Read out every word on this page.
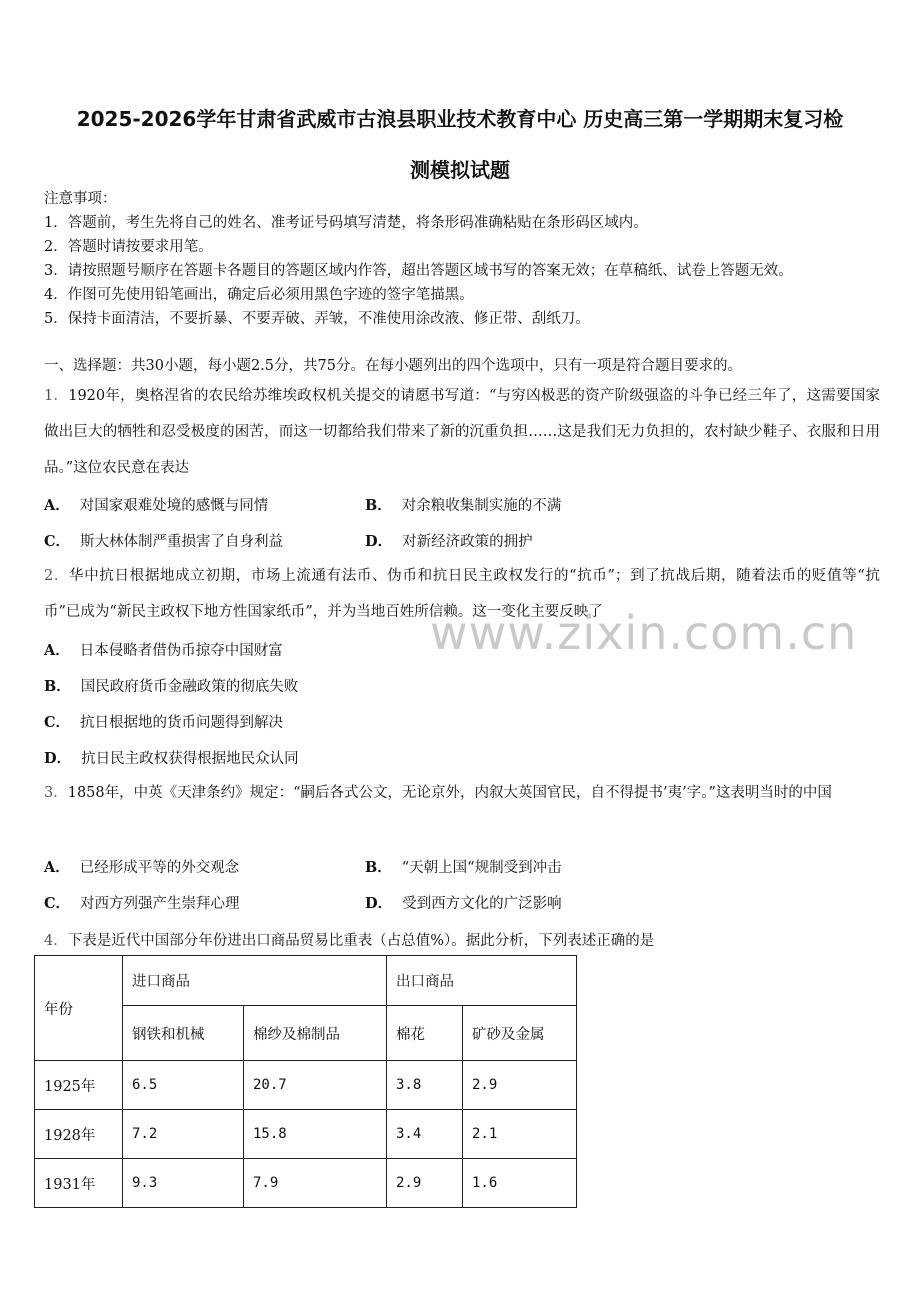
2025-2026学年甘肃省武威市古浪县职业技术教育中心 历史高三第一学期期末复习检
测模拟试题
注意事项：
1．答题前，考生先将自己的姓名、准考证号码填写清楚，将条形码准确粘贴在条形码区域内。
2．答题时请按要求用笔。
3．请按照题号顺序在答题卡各题目的答题区域内作答，超出答题区域书写的答案无效；在草稿纸、试卷上答题无效。
4．作图可先使用铅笔画出，确定后必须用黑色字迹的签字笔描黑。
5．保持卡面清洁，不要折暴、不要弄破、弄皱，不准使用涂改液、修正带、刮纸刀。
一、选择题：共30小题，每小题2.5分，共75分。在每小题列出的四个选项中，只有一项是符合题目要求的。
1．1920年，奥格涅省的农民给苏维埃政权机关提交的请愿书写道：“与穷凶极恶的资产阶级强盗的斗争已经三年了，这需要国家做出巨大的牺牲和忍受极度的困苦，而这一切都给我们带来了新的沉重负担……这是我们无力负担的，农村缺少鞋子、衣服和日用品。”这位农民意在表达
A． 对国家艰难处境的感慨与同情	B． 对余粮收集制实施的不满
C． 斯大林体制严重损害了自身利益	D． 对新经济政策的拥护
2．华中抗日根据地成立初期，市场上流通有法币、伪币和抗日民主政权发行的“抗币”；到了抗战后期，随着法币的贬值等“抗币”已成为“新民主政权下地方性国家纸币”，并为当地百姓所信赖。这一变化主要反映了
A． 日本侵略者借伪币掠夺中国财富
B． 国民政府货币金融政策的彻底失败
C． 抗日根据地的货币问题得到解决
D． 抗日民主政权获得根据地民众认同
www.zixin.com.cn
3．1858年，中英《天津条约》规定：“嗣后各式公文，无论京外，内叙大英国官民，自不得提书’夷’字。”这表明当时的中国
A． 已经形成平等的外交观念	B． “天朝上国“规制受到冲击
C． 对西方列强产生崇拜心理	D． 受到西方文化的广泛影响
4．下表是近代中国部分年份进出口商品贸易比重表（占总值%）。据此分析，下列表述正确的是
年份	进口商品		出口商品	
	钢铁和机械	棉纱及棉制品	棉花	矿砂及金属
1925年	6.5	20.7	3.8	2.9
1928年	7.2	15.8	3.4	2.1
1931年	9.3	7.9	2.9	1.6
